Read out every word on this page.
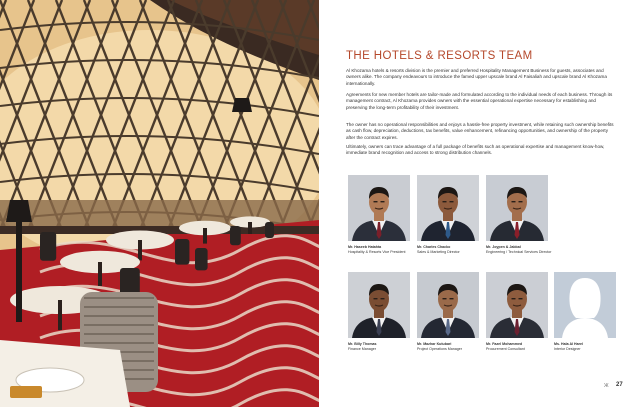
THE HOTELS & RESORTS TEAM

Al Khozama hotels & resorts division is the premier and preferred Hospitality Management Business for guests, associates and owners alike. The company endeavours to introduce the famed upper upscale brand Al Faisaliah and upscale brand Al Khozama internationally.

Agreements for new member hotels are tailor-made and formulated according to the individual needs of each business. Through its management contract, Al Khozama provides owners with the essential operational expertise necessary for establishing and preserving the long-term profitability of their investment.

The owner has no operational responsibilities and enjoys a hassle-free property investment, while retaining such ownership benefits as cash flow, depreciation, deductions, tax benefits, value enhancement, refinancing opportunities, and ownership of the property after the contract expires.

Ultimately, owners can trace advantage of a full package of benefits such as operational expertise and management know-how, immediate brand recognition and access to strong distribution channels.

Mr. Haseeb Hatahta
Hospitality & Resorts Vice President
Mr. Charles Chacko
Sales & Marketing Director
Mr. Joypen & Jabbal
Engineering / Technical Services Director
Mr. Billy Thomas
Finance Manager
Mr. Mazhar Kutubari
Project Operations Manager
Mr. Fazel Mohammed
Procurement Consultant
Ms. Hala Al Harel
Interior Designer
Ж 27
